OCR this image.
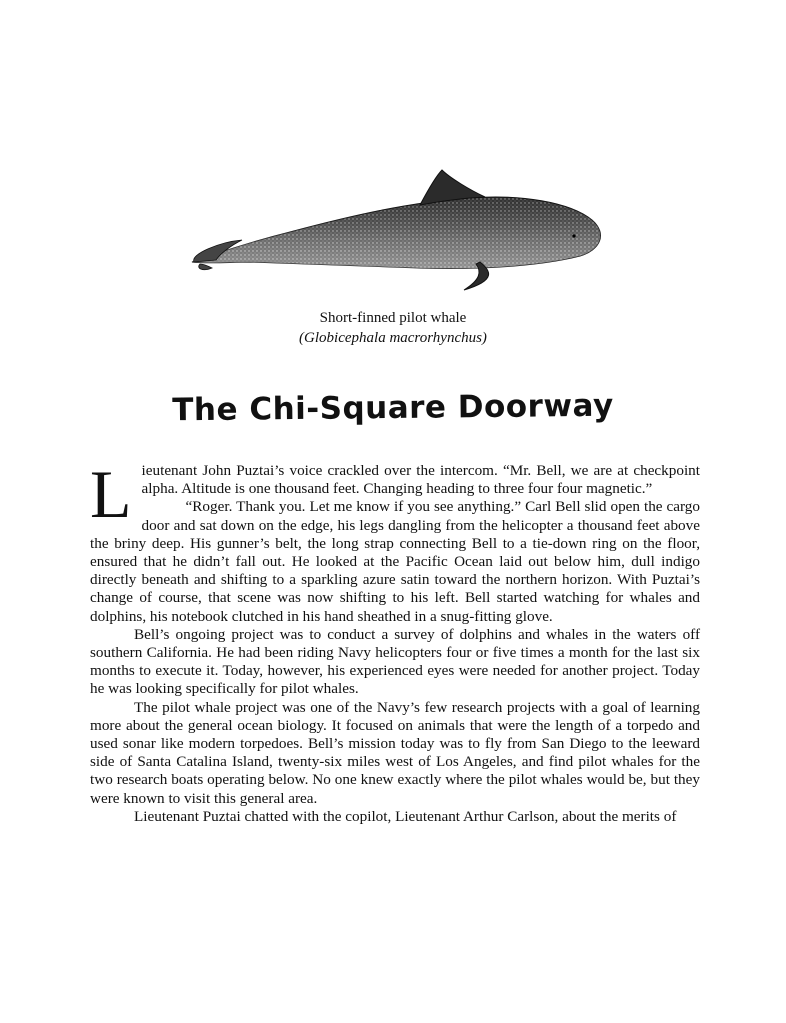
Short-finned pilot whale
(Globicephala macrorhynchus)
The Chi-Square Doorway

Lieutenant John Puztai’s voice crackled over the intercom. “Mr. Bell, we are at checkpoint alpha. Altitude is one thousand feet. Changing heading to three four four magnetic.”

“Roger. Thank you. Let me know if you see anything.” Carl Bell slid open the cargo door and sat down on the edge, his legs dangling from the helicopter a thousand feet above the briny deep. His gunner’s belt, the long strap connecting Bell to a tie-down ring on the floor, ensured that he didn’t fall out. He looked at the Pacific Ocean laid out below him, dull indigo directly beneath and shifting to a sparkling azure satin toward the northern horizon. With Puztai’s change of course, that scene was now shifting to his left. Bell started watching for whales and dolphins, his notebook clutched in his hand sheathed in a snug-fitting glove.

Bell’s ongoing project was to conduct a survey of dolphins and whales in the waters off southern California. He had been riding Navy helicopters four or five times a month for the last six months to execute it. Today, however, his experienced eyes were needed for another project. Today he was looking specifically for pilot whales.

The pilot whale project was one of the Navy’s few research projects with a goal of learning more about the general ocean biology. It focused on animals that were the length of a torpedo and used sonar like modern torpedoes. Bell’s mission today was to fly from San Diego to the leeward side of Santa Catalina Island, twenty-six miles west of Los Angeles, and find pilot whales for the two research boats operating below. No one knew exactly where the pilot whales would be, but they were known to visit this general area.

Lieutenant Puztai chatted with the copilot, Lieutenant Arthur Carlson, about the merits of
